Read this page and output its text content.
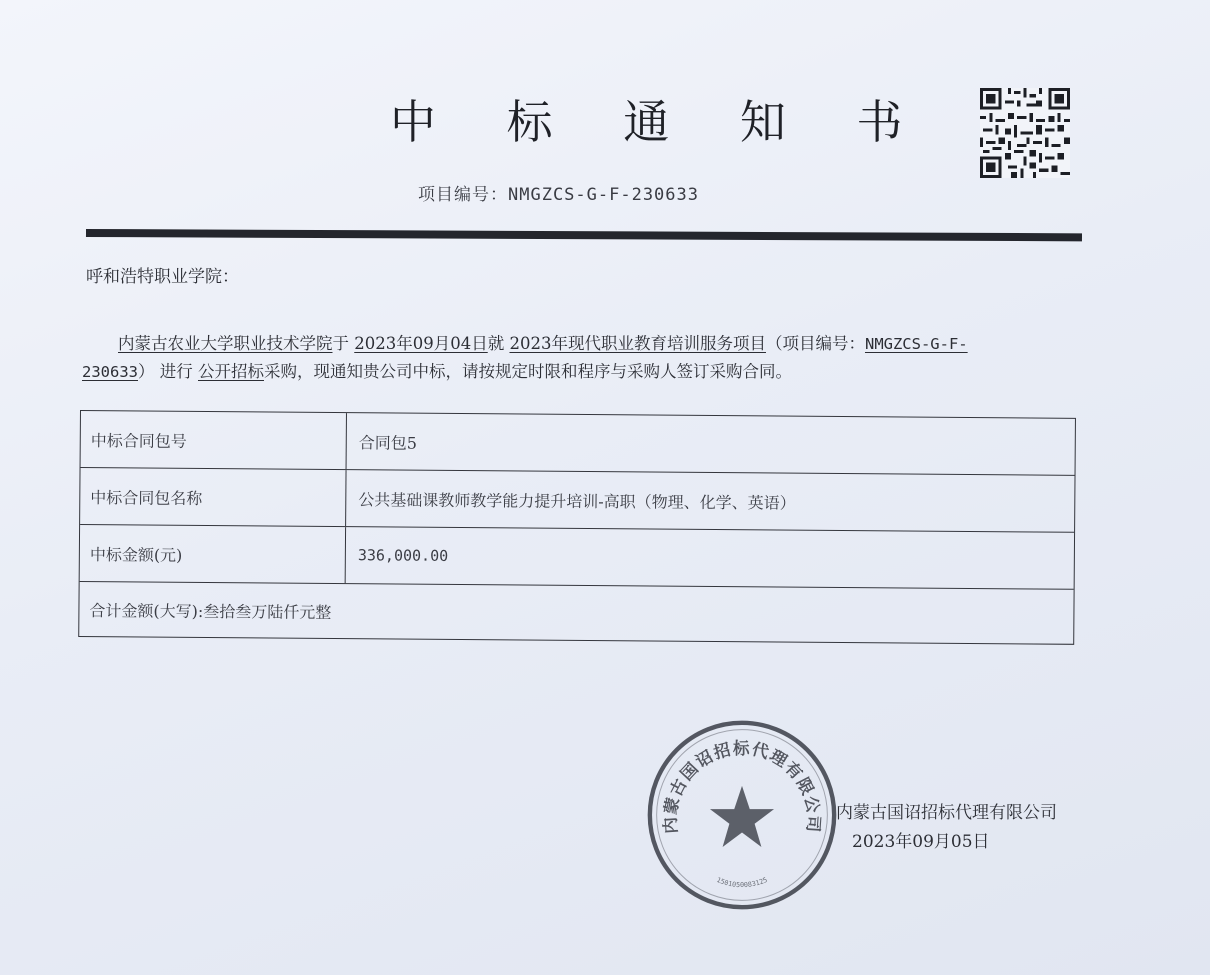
中 标 通 知 书
项目编号：NMGZCS-G-F-230633
呼和浩特职业学院：
内蒙古农业大学职业技术学院于 2023年09月04日就 2023年现代职业教育培训服务项目（项目编号：NMGZCS-G-F-
230633） 进行 公开招标采购，现通知贵公司中标，请按规定时限和程序与采购人签订采购合同。
中标合同包号	合同包5
中标合同包名称	公共基础课教师教学能力提升培训-高职（物理、化学、英语）
中标金额(元)	336,000.00
合计金额(大写):叁拾叁万陆仟元整
内蒙古国诏招标代理有限公司
1501050083125
内蒙古国诏招标代理有限公司
2023年09月05日
